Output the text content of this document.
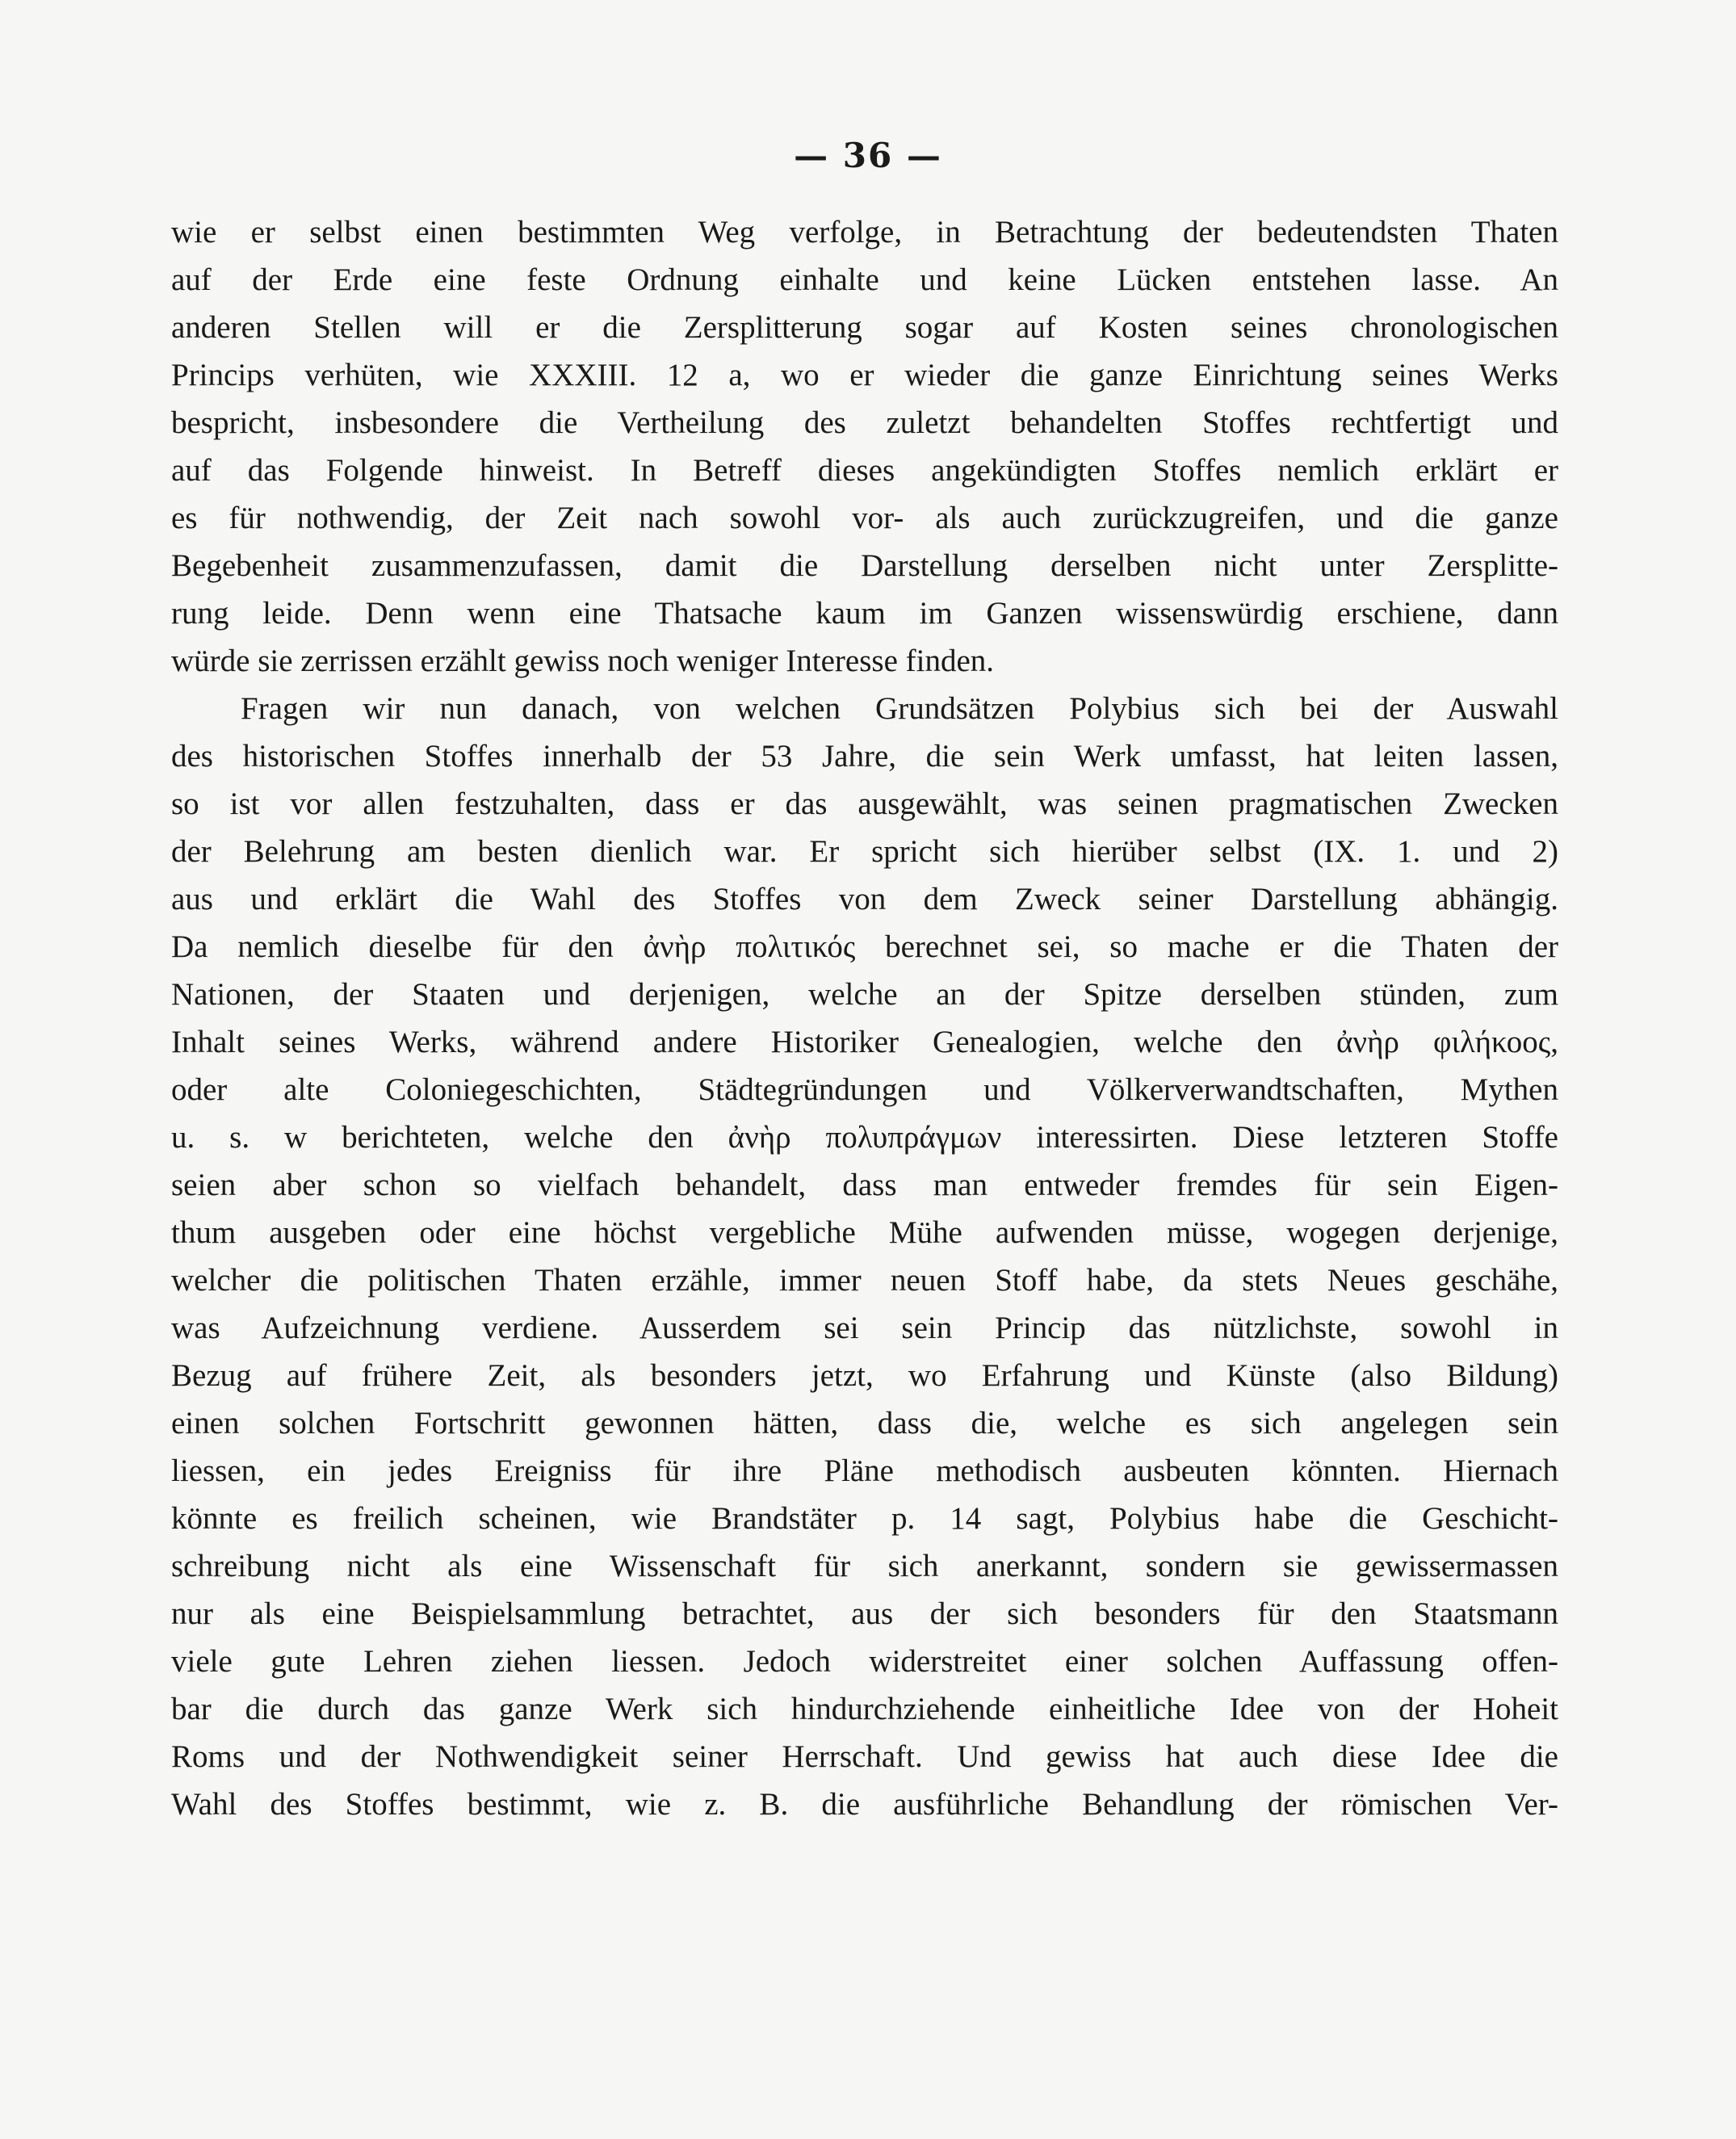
— 36 —
wie er selbst einen bestimmten Weg verfolge, in Betrachtung der bedeutendsten Thaten
auf der Erde eine feste Ordnung einhalte und keine Lücken entstehen lasse. An
anderen Stellen will er die Zersplitterung sogar auf Kosten seines chronologischen
Princips verhüten, wie XXXIII. 12 a, wo er wieder die ganze Einrichtung seines Werks
bespricht, insbesondere die Vertheilung des zuletzt behandelten Stoffes rechtfertigt und
auf das Folgende hinweist. In Betreff dieses angekündigten Stoffes nemlich erklärt er
es für nothwendig, der Zeit nach sowohl vor- als auch zurückzugreifen, und die ganze
Begebenheit zusammenzufassen, damit die Darstellung derselben nicht unter Zersplitte-
rung leide. Denn wenn eine Thatsache kaum im Ganzen wissenswürdig erschiene, dann
würde sie zerrissen erzählt gewiss noch weniger Interesse finden.
Fragen wir nun danach, von welchen Grundsätzen Polybius sich bei der Auswahl
des historischen Stoffes innerhalb der 53 Jahre, die sein Werk umfasst, hat leiten lassen,
so ist vor allen festzuhalten, dass er das ausgewählt, was seinen pragmatischen Zwecken
der Belehrung am besten dienlich war. Er spricht sich hierüber selbst (IX. 1. und 2)
aus und erklärt die Wahl des Stoffes von dem Zweck seiner Darstellung abhängig.
Da nemlich dieselbe für den ἀνὴρ πολιτικός berechnet sei, so mache er die Thaten der
Nationen, der Staaten und derjenigen, welche an der Spitze derselben stünden, zum
Inhalt seines Werks, während andere Historiker Genealogien, welche den ἀνὴρ φιλήκοος,
oder alte Coloniegeschichten, Städtegründungen und Völkerverwandtschaften, Mythen
u. s. w berichteten, welche den ἀνὴρ πολυπράγμων interessirten. Diese letzteren Stoffe
seien aber schon so vielfach behandelt, dass man entweder fremdes für sein Eigen-
thum ausgeben oder eine höchst vergebliche Mühe aufwenden müsse, wogegen derjenige,
welcher die politischen Thaten erzähle, immer neuen Stoff habe, da stets Neues geschähe,
was Aufzeichnung verdiene. Ausserdem sei sein Princip das nützlichste, sowohl in
Bezug auf frühere Zeit, als besonders jetzt, wo Erfahrung und Künste (also Bildung)
einen solchen Fortschritt gewonnen hätten, dass die, welche es sich angelegen sein
liessen, ein jedes Ereigniss für ihre Pläne methodisch ausbeuten könnten. Hiernach
könnte es freilich scheinen, wie Brandstäter p. 14 sagt, Polybius habe die Geschicht-
schreibung nicht als eine Wissenschaft für sich anerkannt, sondern sie gewissermassen
nur als eine Beispielsammlung betrachtet, aus der sich besonders für den Staatsmann
viele gute Lehren ziehen liessen. Jedoch widerstreitet einer solchen Auffassung offen-
bar die durch das ganze Werk sich hindurchziehende einheitliche Idee von der Hoheit
Roms und der Nothwendigkeit seiner Herrschaft. Und gewiss hat auch diese Idee die
Wahl des Stoffes bestimmt, wie z. B. die ausführliche Behandlung der römischen Ver-
